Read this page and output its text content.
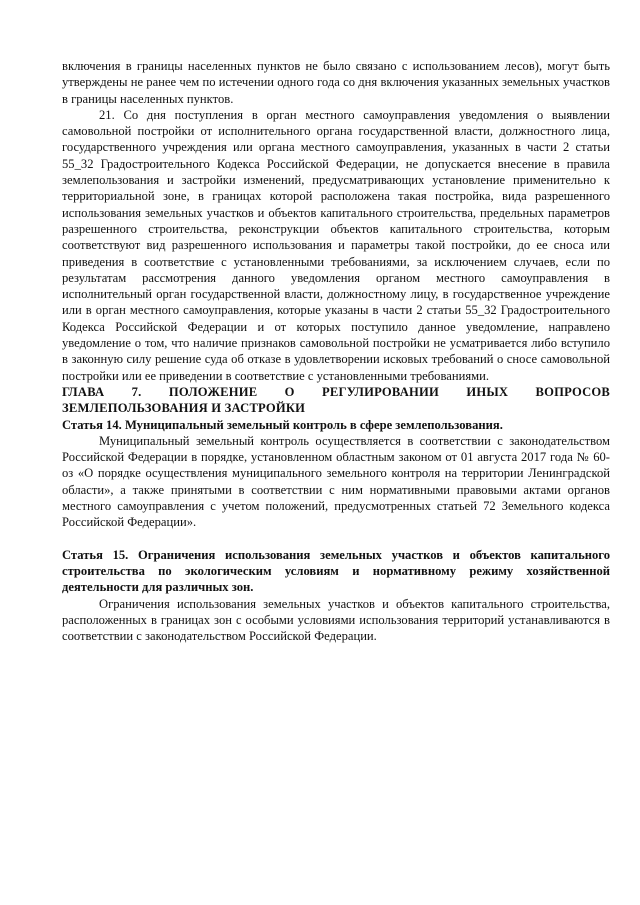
включения в границы населенных пунктов не было связано с использованием лесов), могут быть утверждены не ранее чем по истечении одного года со дня включения указанных земельных участков в границы населенных пунктов.

21. Со дня поступления в орган местного самоуправления уведомления о выявлении самовольной постройки от исполнительного органа государственной власти, должностного лица, государственного учреждения или органа местного самоуправления, указанных в части 2 статьи 55_32 Градостроительного Кодекса Российской Федерации, не допускается внесение в правила землепользования и застройки изменений, предусматривающих установление применительно к территориальной зоне, в границах которой расположена такая постройка, вида разрешенного использования земельных участков и объектов капитального строительства, предельных параметров разрешенного строительства, реконструкции объектов капитального строительства, которым соответствуют вид разрешенного использования и параметры такой постройки, до ее сноса или приведения в соответствие с установленными требованиями, за исключением случаев, если по результатам рассмотрения данного уведомления органом местного самоуправления в исполнительный орган государственной власти, должностному лицу, в государственное учреждение или в орган местного самоуправления, которые указаны в части 2 статьи 55_32 Градостроительного Кодекса Российской Федерации и от которых поступило данное уведомление, направлено уведомление о том, что наличие признаков самовольной постройки не усматривается либо вступило в законную силу решение суда об отказе в удовлетворении исковых требований о сносе самовольной постройки или ее приведении в соответствие с установленными требованиями.

ГЛАВА 7. ПОЛОЖЕНИЕ О РЕГУЛИРОВАНИИ ИНЫХ ВОПРОСОВ ЗЕМЛЕПОЛЬЗОВАНИЯ И ЗАСТРОЙКИ

Статья 14. Муниципальный земельный контроль в сфере землепользования.

Муниципальный земельный контроль осуществляется в соответствии с законодательством Российской Федерации в порядке, установленном областным законом от 01 августа 2017 года № 60-оз «О порядке осуществления муниципального земельного контроля на территории Ленинградской области», а также принятыми в соответствии с ним нормативными правовыми актами органов местного самоуправления с учетом положений, предусмотренных статьей 72 Земельного кодекса Российской Федерации».

Статья 15. Ограничения использования земельных участков и объектов капитального строительства по экологическим условиям и нормативному режиму хозяйственной деятельности для различных зон.

Ограничения использования земельных участков и объектов капитального строительства, расположенных в границах зон с особыми условиями использования территорий устанавливаются в соответствии с законодательством Российской Федерации.
